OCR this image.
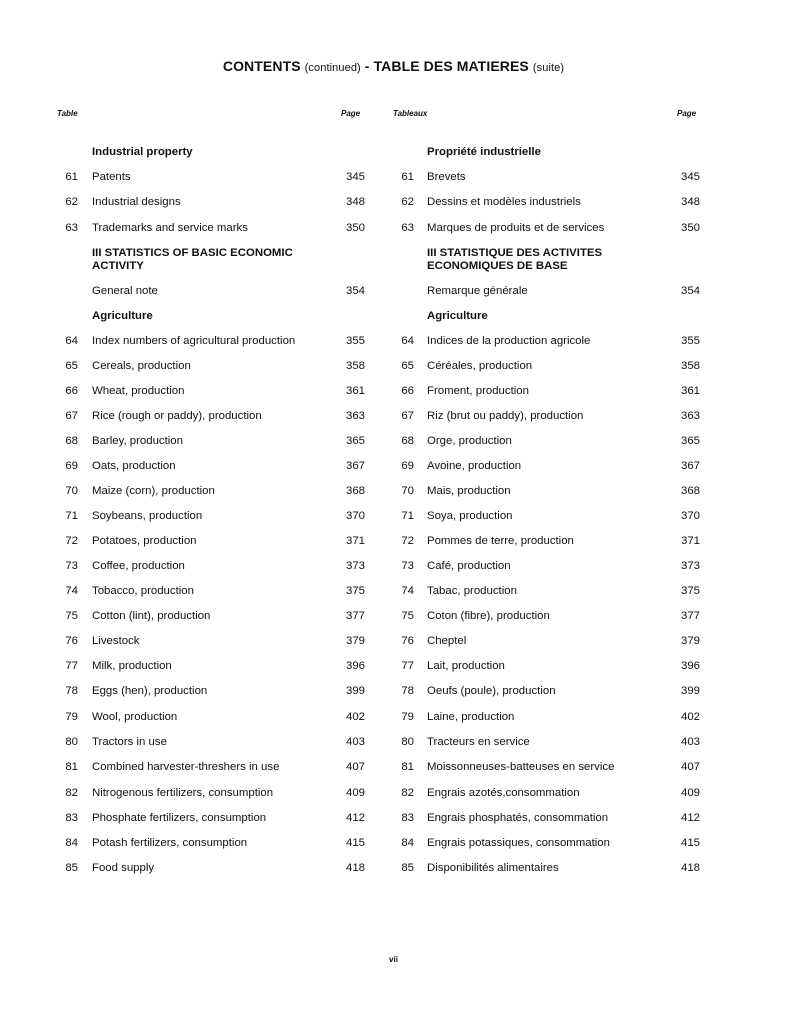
CONTENTS (continued) - TABLE DES MATIERES (suite)
Table	Page	Tableaux	Page
Industrial property
61 Patents	345
62 Industrial designs	348
63 Trademarks and service marks	350
III STATISTICS OF BASIC ECONOMIC
ACTIVITY
General note	354
Agriculture
64 Index numbers of agricultural production	355
65 Cereals, production	358
66 Wheat, production	361
67 Rice (rough or paddy), production	363
68 Barley, production	365
69 Oats, production	367
70 Maize (corn), production	368
71 Soybeans, production	370
72 Potatoes, production	371
73 Coffee, production	373
74 Tobacco, production	375
75 Cotton (lint), production	377
76 Livestock	379
77 Milk, production	396
78 Eggs (hen), production	399
79 Wool, production	402
80 Tractors in use	403
81 Combined harvester-threshers in use	407
82 Nitrogenous fertilizers, consumption	409
83 Phosphate fertilizers, consumption	412
84 Potash fertilizers, consumption	415
85 Food supply	418
Propriété industrielle
61 Brevets	345
62 Dessins et modèles industriels	348
63 Marques de produits et de services	350
III STATISTIQUE DES ACTIVITES
ECONOMIQUES DE BASE
Remarque générale	354
Agriculture
64 Indices de la production agricole	355
65 Céréales, production	358
66 Froment, production	361
67 Riz (brut ou paddy), production	363
68 Orge, production	365
69 Avoine, production	367
70 Mais, production	368
71 Soya, production	370
72 Pommes de terre, production	371
73 Café, production	373
74 Tabac, production	375
75 Coton (fibre), production	377
76 Cheptel	379
77 Lait, production	396
78 Oeufs (poule), production	399
79 Laine, production	402
80 Tracteurs en service	403
81 Moissonneuses-batteuses en service	407
82 Engrais azotés,consommation	409
83 Engrais phosphatés, consommation	412
84 Engrais potassiques, consommation	415
85 Disponibilités alimentaires	418
vii
